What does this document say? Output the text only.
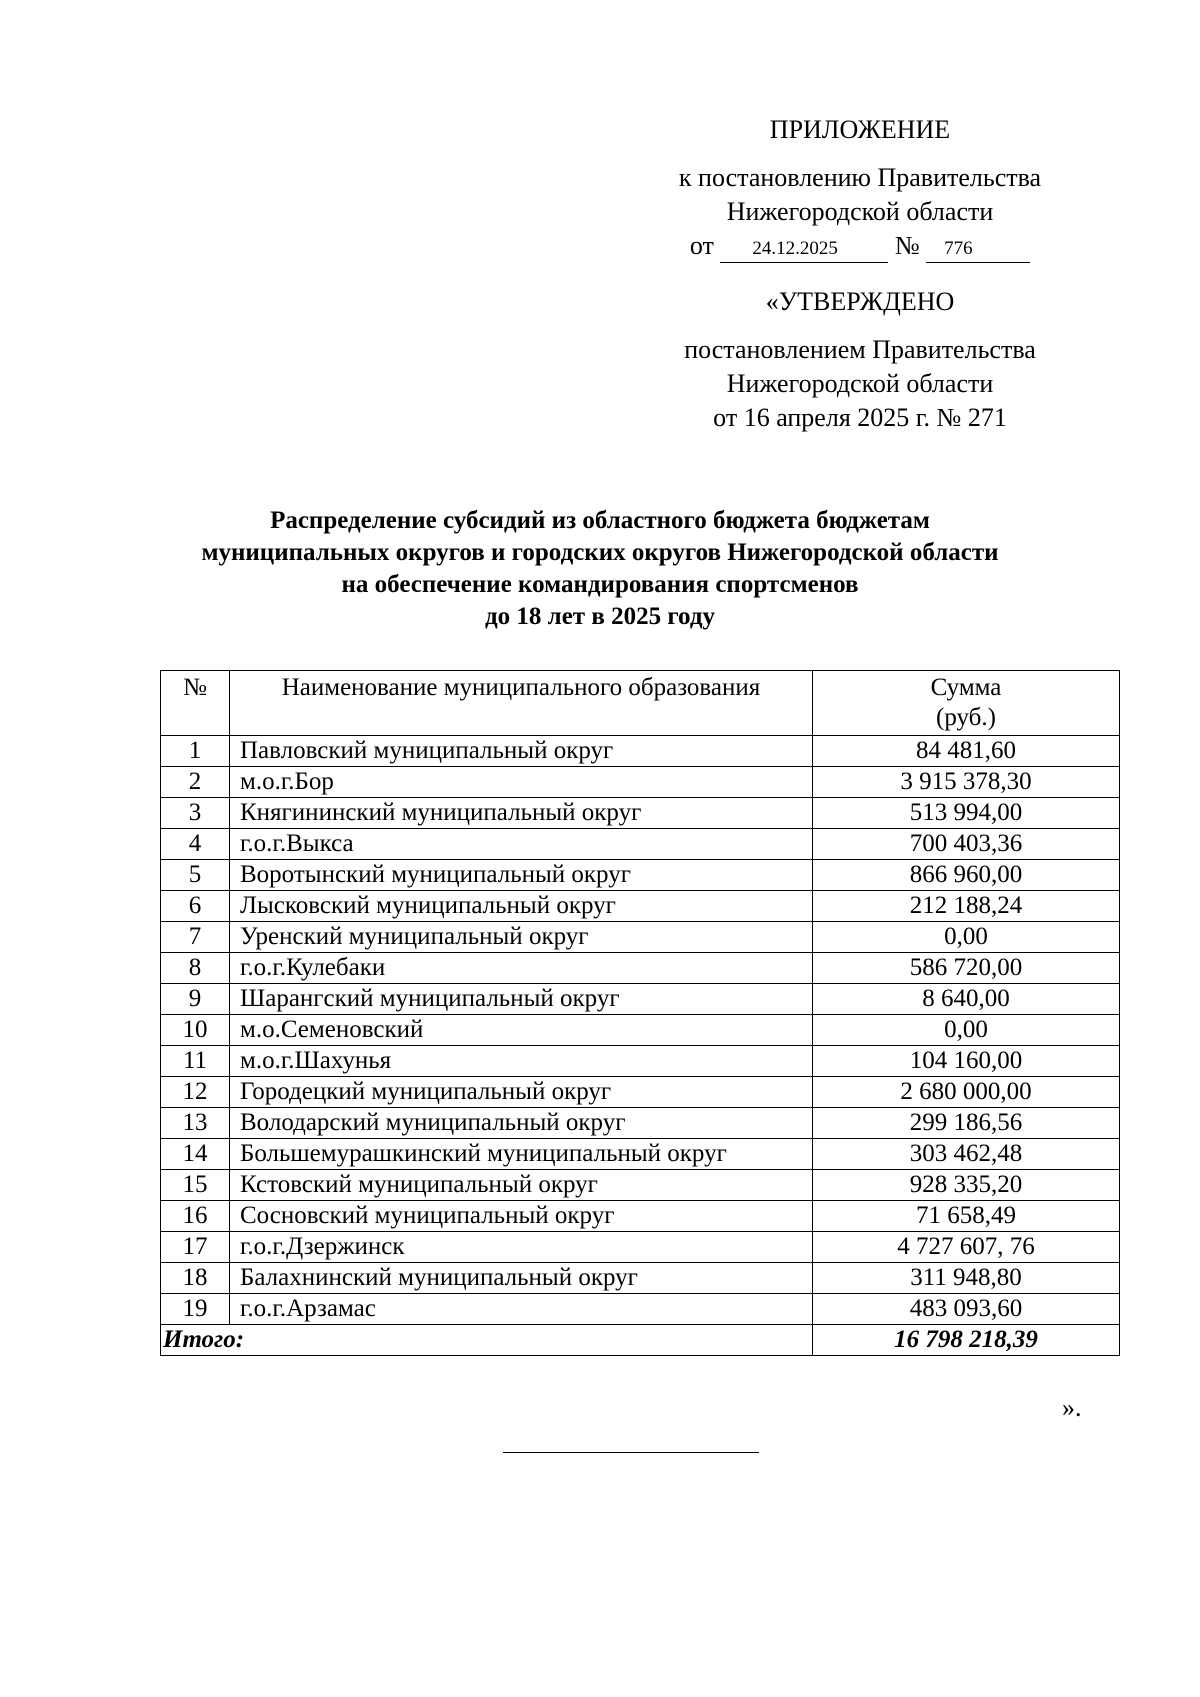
ПРИЛОЖЕНИЕ
к постановлению Правительства
Нижегородской области
от 24.12.2025 № 776
«УТВЕРЖДЕНО
постановлением Правительства
Нижегородской области
от 16 апреля 2025 г. № 271
Распределение субсидий из областного бюджета бюджетам
муниципальных округов и городских округов Нижегородской области
на обеспечение командирования спортсменов
до 18 лет в 2025 году
№	Наименование муниципального образования	Сумма
(руб.)

1	Павловский муниципальный округ	84 481,60
2	м.о.г.Бор	3 915 378,30
3	Княгининский муниципальный округ	513 994,00
4	г.о.г.Выкса	700 403,36
5	Воротынский муниципальный округ	866 960,00
6	Лысковский муниципальный округ	212 188,24
7	Уренский муниципальный округ	0,00
8	г.о.г.Кулебаки	586 720,00
9	Шарангский муниципальный округ	8 640,00
10	м.о.Семеновский	0,00
11	м.о.г.Шахунья	104 160,00
12	Городецкий муниципальный округ	2 680 000,00
13	Володарский муниципальный округ	299 186,56
14	Большемурашкинский муниципальный округ	303 462,48
15	Кстовский муниципальный округ	928 335,20
16	Сосновский муниципальный округ	71 658,49
17	г.о.г.Дзержинск	4 727 607, 76
18	Балахнинский муниципальный округ	311 948,80
19	г.о.г.Арзамас	483 093,60
Итого:		16 798 218,39
».
